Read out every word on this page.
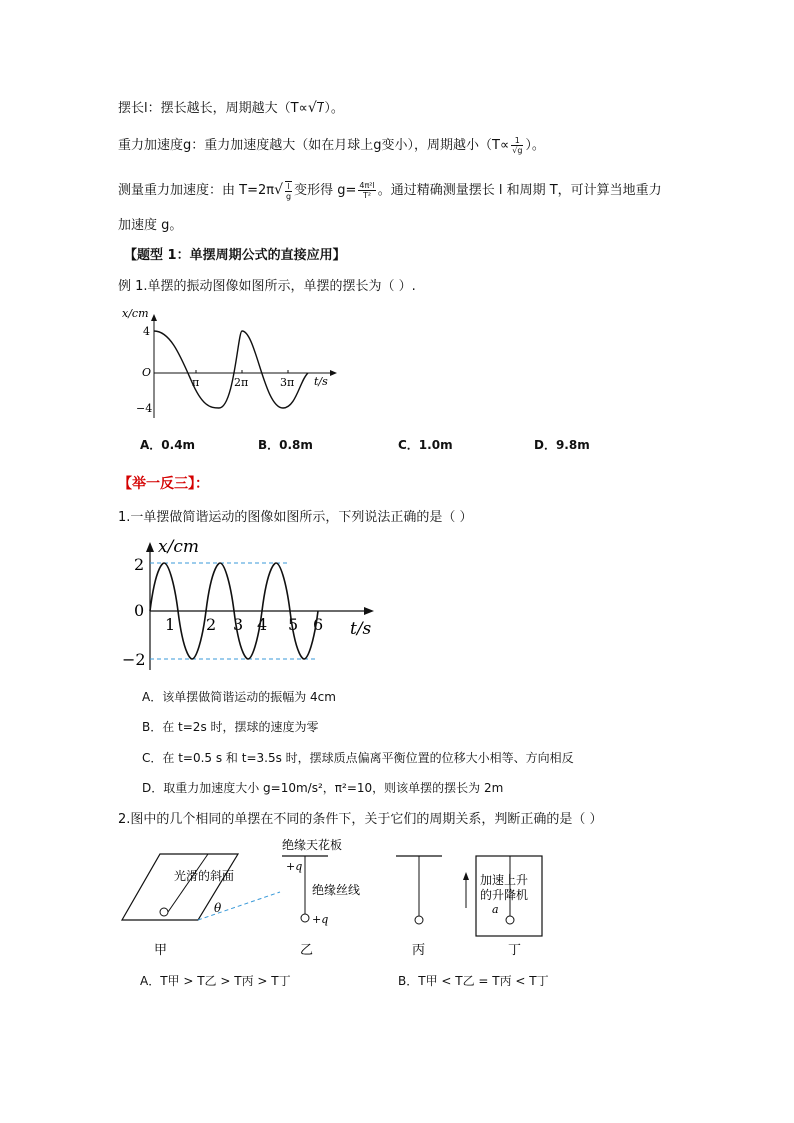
摆长l：摆长越长，周期越大（T∝√ l ）。
重力加速度g：重力加速度越大（如在月球上g变小），周期越小（$T\propto \frac{1}{√g}$ ）。
测量重力加速度：由 $T=2\pi√ \frac{l}{g}$ 变形得 $g= \frac{\text{4π²l}}{\text{T²}}$ 。通过精确测量摆长 l 和周期 T，可计算当地重力
加速度 g。
【题型 1：单摆周期公式的直接应用】
例 1.单摆的振动图像如图所示，单摆的摆长为（ ）.
x/cm
t/s
O
4
−4
π	2π	3π
A．0.4m	B．0.8m	C．1.0m	D．9.8m
【举一反三】：
1.一单摆做简谐运动的图像如图所示，下列说法正确的是（ ）
x/cm
t/s
0
2
−2
1 2 3 4 5 6
A．该单摆做简谐运动的振幅为 4cm
B．在 t=2s 时，摆球的速度为零
C．在 t=0.5 s 和 t=3.5s 时，摆球质点偏离平衡位置的位移大小相等、方向相反
D．取重力加速度大小 g=10m/s²，π²=10，则该单摆的摆长为 2m
2.图中的几个相同的单摆在不同的条件下，关于它们的周期关系，判断正确的是（ ）
光滑的斜面
θ
甲
绝缘天花板
+q
绝缘丝线
+q
乙	丙
加速上升
的升降机
a
丁
A．T甲 > T乙 > T丙 > T丁	B．T甲 < T乙 = T丙 < T丁
